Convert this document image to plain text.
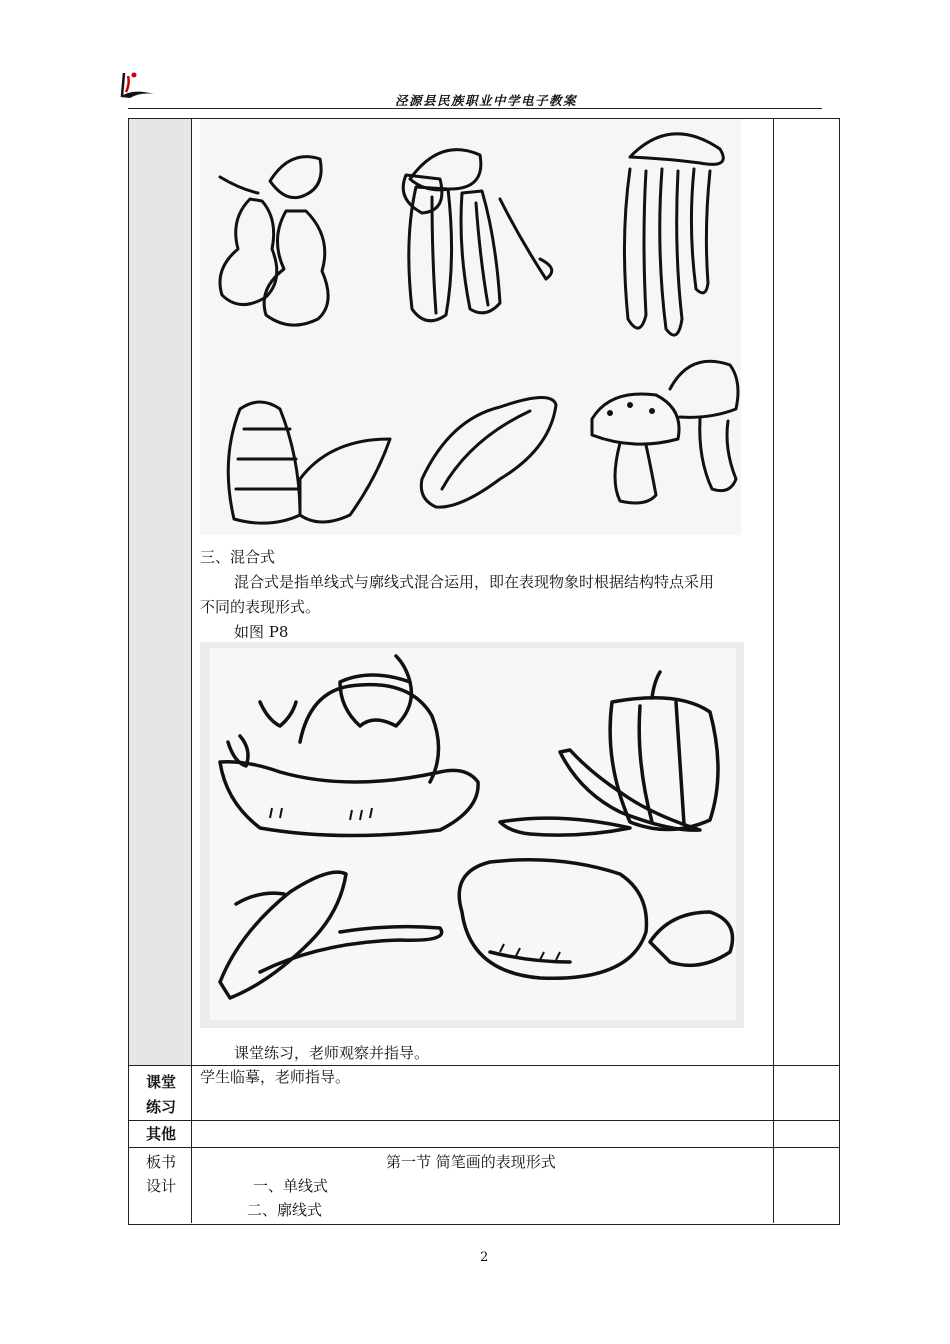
泾源县民族职业中学电子教案
三、混合式
混合式是指单线式与廓线式混合运用，即在表现物象时根据结构特点采用
不同的表现形式。
如图 P8
课堂练习，老师观察并指导。
课堂
练习
学生临摹，老师指导。
其他
板书
设计
第一节 简笔画的表现形式
一、单线式
二、廓线式
2
